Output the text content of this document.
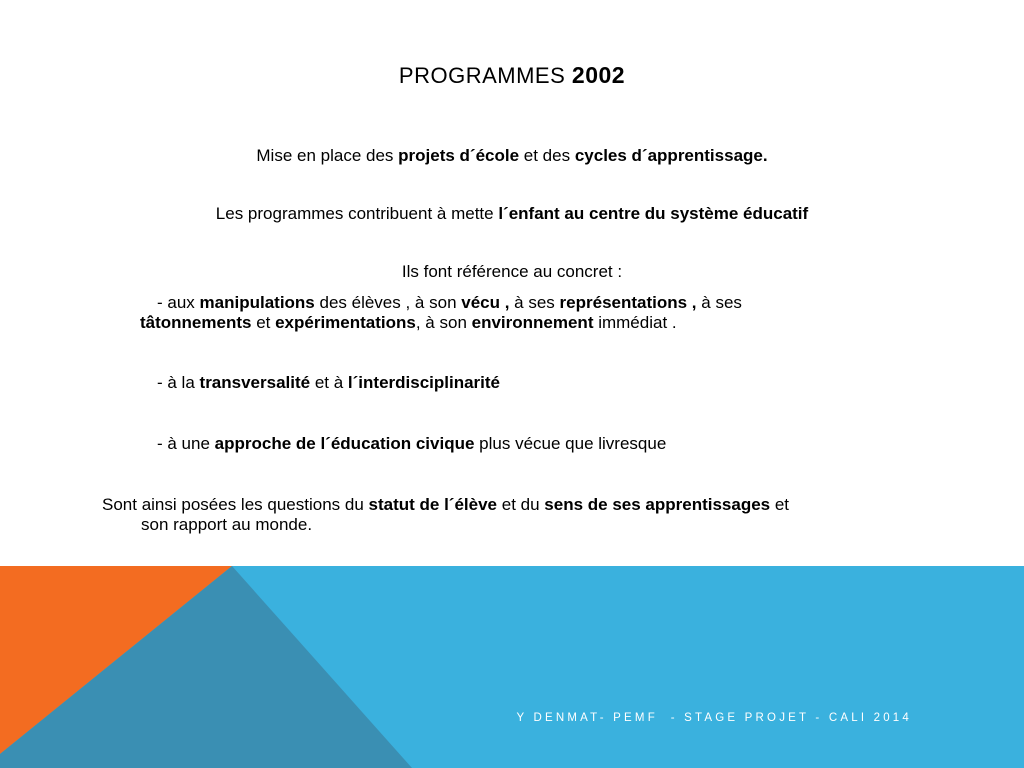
PROGRAMMES 2002
Mise en place des projets d´école et des cycles d´apprentissage.
Les programmes contribuent à mette l´enfant au centre du système éducatif
Ils font référence au concret :
- aux manipulations des élèves , à son vécu , à ses représentations , à ses
tâtonnements et expérimentations, à son environnement immédiat .
- à la transversalité et à l´interdisciplinarité
- à une approche de l´éducation civique plus vécue que livresque
Sont ainsi posées les questions du statut de l´élève et du sens de ses apprentissages et
son rapport au monde.
Y DENMAT- PEMF  - STAGE PROJET - CALI 2014
